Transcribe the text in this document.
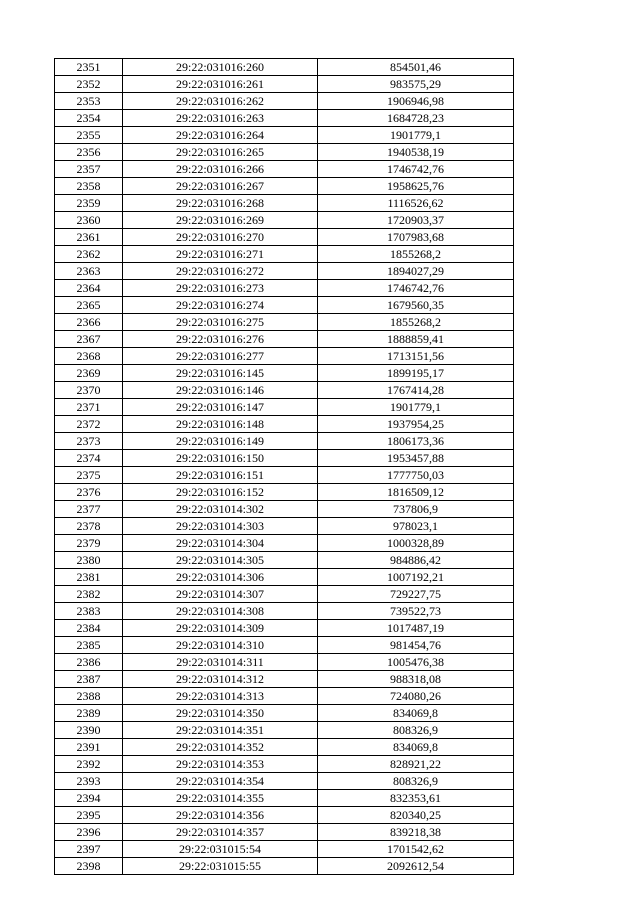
2351	29:22:031016:260	854501,46
2352	29:22:031016:261	983575,29
2353	29:22:031016:262	1906946,98
2354	29:22:031016:263	1684728,23
2355	29:22:031016:264	1901779,1
2356	29:22:031016:265	1940538,19
2357	29:22:031016:266	1746742,76
2358	29:22:031016:267	1958625,76
2359	29:22:031016:268	1116526,62
2360	29:22:031016:269	1720903,37
2361	29:22:031016:270	1707983,68
2362	29:22:031016:271	1855268,2
2363	29:22:031016:272	1894027,29
2364	29:22:031016:273	1746742,76
2365	29:22:031016:274	1679560,35
2366	29:22:031016:275	1855268,2
2367	29:22:031016:276	1888859,41
2368	29:22:031016:277	1713151,56
2369	29:22:031016:145	1899195,17
2370	29:22:031016:146	1767414,28
2371	29:22:031016:147	1901779,1
2372	29:22:031016:148	1937954,25
2373	29:22:031016:149	1806173,36
2374	29:22:031016:150	1953457,88
2375	29:22:031016:151	1777750,03
2376	29:22:031016:152	1816509,12
2377	29:22:031014:302	737806,9
2378	29:22:031014:303	978023,1
2379	29:22:031014:304	1000328,89
2380	29:22:031014:305	984886,42
2381	29:22:031014:306	1007192,21
2382	29:22:031014:307	729227,75
2383	29:22:031014:308	739522,73
2384	29:22:031014:309	1017487,19
2385	29:22:031014:310	981454,76
2386	29:22:031014:311	1005476,38
2387	29:22:031014:312	988318,08
2388	29:22:031014:313	724080,26
2389	29:22:031014:350	834069,8
2390	29:22:031014:351	808326,9
2391	29:22:031014:352	834069,8
2392	29:22:031014:353	828921,22
2393	29:22:031014:354	808326,9
2394	29:22:031014:355	832353,61
2395	29:22:031014:356	820340,25
2396	29:22:031014:357	839218,38
2397	29:22:031015:54	1701542,62
2398	29:22:031015:55	2092612,54
